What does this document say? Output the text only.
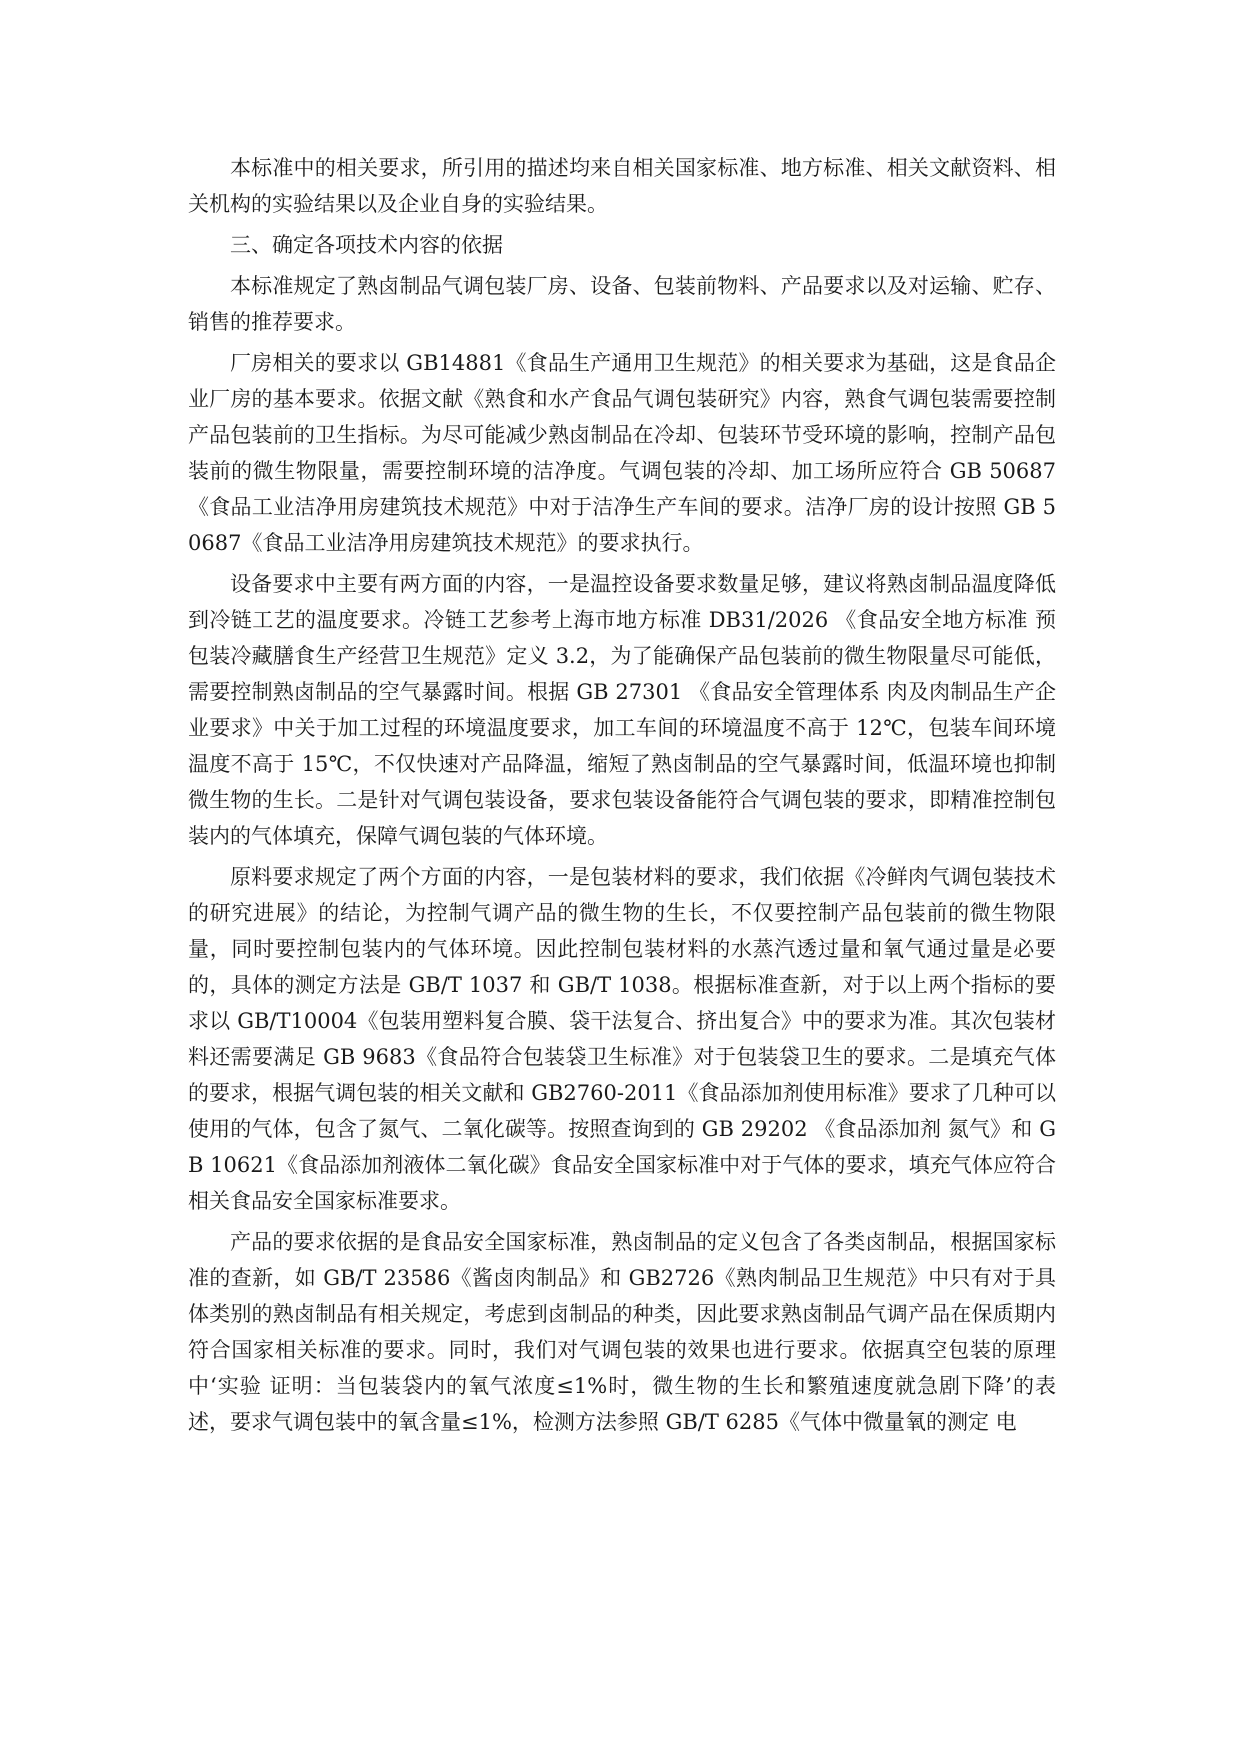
本标准中的相关要求，所引用的描述均来自相关国家标准、地方标准、相关文献资料、相关机构的实验结果以及企业自身的实验结果。

三、确定各项技术内容的依据

本标准规定了熟卤制品气调包装厂房、设备、包装前物料、产品要求以及对运输、贮存、销售的推荐要求。

厂房相关的要求以 GB14881《食品生产通用卫生规范》的相关要求为基础，这是食品企业厂房的基本要求。依据文献《熟食和水产食品气调包装研究》内容，熟食气调包装需要控制产品包装前的卫生指标。为尽可能减少熟卤制品在冷却、包装环节受环境的影响，控制产品包装前的微生物限量，需要控制环境的洁净度。气调包装的冷却、加工场所应符合 GB 50687《食品工业洁净用房建筑技术规范》中对于洁净生产车间的要求。洁净厂房的设计按照 GB 50687《食品工业洁净用房建筑技术规范》的要求执行。

设备要求中主要有两方面的内容，一是温控设备要求数量足够，建议将熟卤制品温度降低到冷链工艺的温度要求。冷链工艺参考上海市地方标准 DB31/2026 《食品安全地方标准 预包装冷藏膳食生产经营卫生规范》定义 3.2，为了能确保产品包装前的微生物限量尽可能低，需要控制熟卤制品的空气暴露时间。根据 GB 27301 《食品安全管理体系 肉及肉制品生产企业要求》中关于加工过程的环境温度要求，加工车间的环境温度不高于 12℃，包装车间环境温度不高于 15℃，不仅快速对产品降温，缩短了熟卤制品的空气暴露时间，低温环境也抑制微生物的生长。二是针对气调包装设备，要求包装设备能符合气调包装的要求，即精准控制包装内的气体填充，保障气调包装的气体环境。

原料要求规定了两个方面的内容，一是包装材料的要求，我们依据《冷鲜肉气调包装技术的研究进展》的结论，为控制气调产品的微生物的生长，不仅要控制产品包装前的微生物限量，同时要控制包装内的气体环境。因此控制包装材料的水蒸汽透过量和氧气通过量是必要的，具体的测定方法是 GB/T 1037 和 GB/T 1038。根据标准查新，对于以上两个指标的要求以 GB/T10004《包装用塑料复合膜、袋干法复合、挤出复合》中的要求为准。其次包装材料还需要满足 GB 9683《食品符合包装袋卫生标准》对于包装袋卫生的要求。二是填充气体的要求，根据气调包装的相关文献和 GB2760-2011《食品添加剂使用标准》要求了几种可以使用的气体，包含了氮气、二氧化碳等。按照查询到的 GB 29202 《食品添加剂 氮气》和 GB 10621《食品添加剂液体二氧化碳》食品安全国家标准中对于气体的要求，填充气体应符合相关食品安全国家标准要求。

产品的要求依据的是食品安全国家标准，熟卤制品的定义包含了各类卤制品，根据国家标准的查新，如 GB/T 23586《酱卤肉制品》和 GB2726《熟肉制品卫生规范》中只有对于具体类别的熟卤制品有相关规定，考虑到卤制品的种类，因此要求熟卤制品气调产品在保质期内符合国家相关标准的要求。同时，我们对气调包装的效果也进行要求。依据真空包装的原理中‘实验 证明：当包装袋内的氧气浓度≤1%时，微生物的生长和繁殖速度就急剧下降’的表述，要求气调包装中的氧含量≤1%，检测方法参照 GB/T 6285《气体中微量氧的测定 电
